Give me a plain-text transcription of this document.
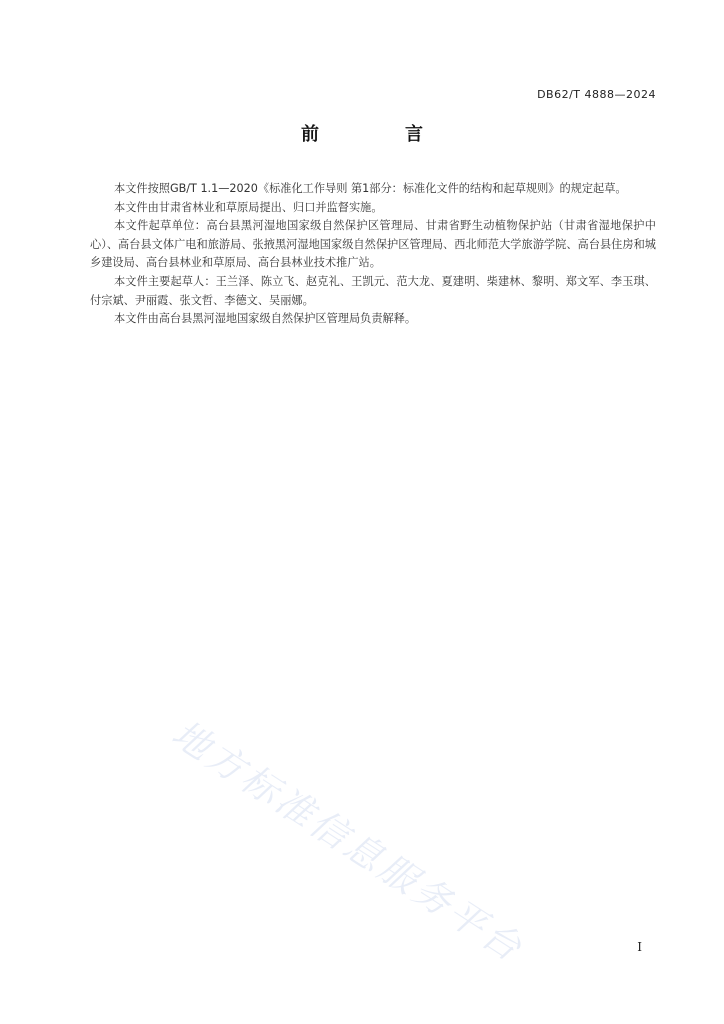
DB62/T 4888—2024
前　言

本文件按照GB/T 1.1—2020《标准化工作导则 第1部分：标准化文件的结构和起草规则》的规定起草。

本文件由甘肃省林业和草原局提出、归口并监督实施。

本文件起草单位：高台县黑河湿地国家级自然保护区管理局、甘肃省野生动植物保护站（甘肃省湿地保护中心）、高台县文体广电和旅游局、张掖黑河湿地国家级自然保护区管理局、西北师范大学旅游学院、高台县住房和城乡建设局、高台县林业和草原局、高台县林业技术推广站。

本文件主要起草人：王兰泽、陈立飞、赵克礼、王凯元、范大龙、夏建明、柴建林、黎明、郑文军、李玉琪、付宗斌、尹丽霞、张文哲、李德文、吴丽娜。

本文件由高台县黑河湿地国家级自然保护区管理局负责解释。

地方标准信息服务平台	I
